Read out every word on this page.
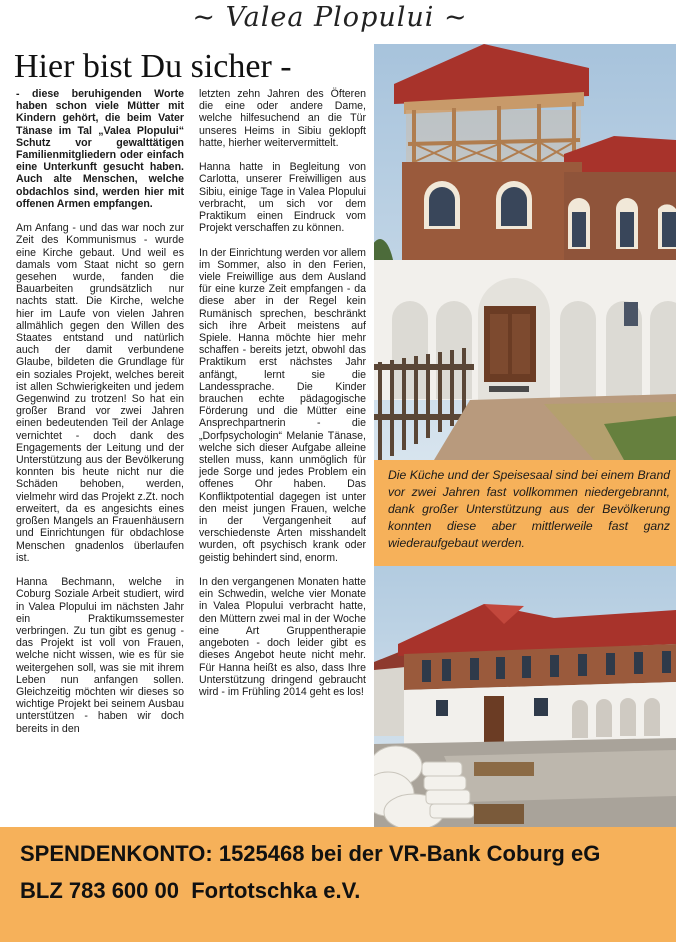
~ Valea Plopului ~
Hier bist Du sicher -

- diese beruhigenden Worte haben schon viele Mütter mit Kindern gehört, die beim Vater Tänase im Tal „Valea Plopului“ Schutz vor gewalttätigen Familienmitgliedern oder einfach eine Unterkunft gesucht haben. Auch alte Menschen, welche obdachlos sind, werden hier mit offenen Armen empfangen.

Am Anfang - und das war noch zur Zeit des Kommunismus - wurde eine Kirche gebaut. Und weil es damals vom Staat nicht so gern gesehen wurde, fanden die Bauarbeiten grundsätzlich nur nachts statt. Die Kirche, welche hier im Laufe von vielen Jahren allmählich gegen den Willen des Staates entstand und natürlich auch der damit verbundene Glaube, bildeten die Grundlage für ein soziales Projekt, welches bereit ist allen Schwierigkeiten und jedem Gegenwind zu trotzen! So hat ein großer Brand vor zwei Jahren einen bedeutenden Teil der Anlage vernichtet - doch dank des Engagements der Leitung und der Unterstützung aus der Bevölkerung konnten bis heute nicht nur die Schäden behoben, werden, vielmehr wird das Projekt z.Zt. noch erweitert, da es angesichts eines großen Mangels an Frauenhäusern und Einrichtungen für obdachlose Menschen gnadenlos überlaufen ist.

Hanna Bechmann, welche in Coburg Soziale Arbeit studiert, wird in Valea Plopului im nächsten Jahr ein Praktikumssemester verbringen. Zu tun gibt es genug - das Projekt ist voll von Frauen, welche nicht wissen, wie es für sie weitergehen soll, was sie mit ihrem Leben nun anfangen sollen. Gleichzeitig möchten wir dieses so wichtige Projekt bei seinem Ausbau unterstützen - haben wir doch bereits in den

letzten zehn Jahren des Öfteren die eine oder andere Dame, welche hilfesuchend an die Tür unseres Heims in Sibiu geklopft hatte, hierher weitervermittelt.

Hanna hatte in Begleitung von Carlotta, unserer Freiwilligen aus Sibiu, einige Tage in Valea Plopului verbracht, um sich vor dem Praktikum einen Eindruck vom Projekt verschaffen zu können.

In der Einrichtung werden vor allem im Sommer, also in den Ferien, viele Freiwillige aus dem Ausland für eine kurze Zeit empfangen - da diese aber in der Regel kein Rumänisch sprechen, beschränkt sich ihre Arbeit meistens auf Spiele. Hanna möchte hier mehr schaffen - bereits jetzt, obwohl das Praktikum erst nächstes Jahr anfängt, lernt sie die Landessprache. Die Kinder brauchen echte pädagogische Förderung und die Mütter eine Ansprechpartnerin - die „Dorfpsychologin“ Melanie Tänase, welche sich dieser Aufgabe alleine stellen muss, kann unmöglich für jede Sorge und jedes Problem ein offenes Ohr haben. Das Konfliktpotential dagegen ist unter den meist jungen Frauen, welche in der Vergangenheit auf verschiedenste Arten misshandelt wurden, oft psychisch krank oder geistig behindert sind, enorm.

In den vergangenen Monaten hatte ein Schwedin, welche vier Monate in Valea Plopului verbracht hatte, den Müttern zwei mal in der Woche eine Art Gruppentherapie angeboten - doch leider gibt es dieses Angebot heute nicht mehr. Für Hanna heißt es also, dass Ihre Unterstützung dringend gebraucht wird - im Frühling 2014 geht es los!

Die Küche und der Speisesaal sind bei einem Brand vor zwei Jahren fast vollkommen niedergebrannt, dank großer Unterstützung aus der Bevölkerung konnten diese aber mittlerweile fast ganz wiederaufgebaut werden.

SPENDENKONTO: 1525468 bei der VR-Bank Coburg eG
BLZ 783 600 00  Fortotschka e.V.
